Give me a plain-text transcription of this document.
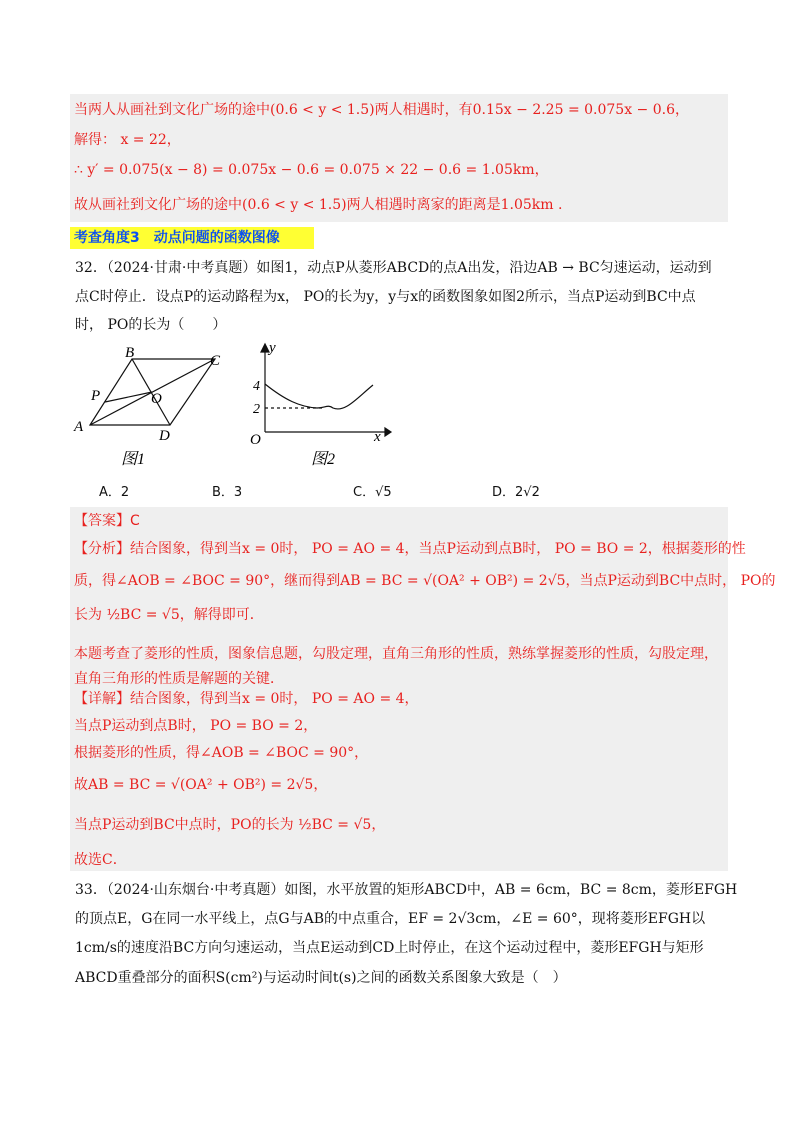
当两人从画社到文化广场的途中(0.6 < y < 1.5)两人相遇时，有0.15x − 2.25 = 0.075x − 0.6，
解得： x = 22，
∴ y′ = 0.075(x − 8) = 0.075x − 0.6 = 0.075 × 22 − 0.6 = 1.05km，
故从画社到文化广场的途中(0.6 < y < 1.5)两人相遇时离家的距离是1.05km .
考查角度3　动点问题的函数图像
32．（2024·甘肃·中考真题）如图1，动点P从菱形ABCD的点A出发，沿边AB → BC匀速运动，运动到
点C时停止．设点P的运动路程为x， PO的长为y，y与x的函数图象如图2所示，当点P运动到BC中点
时， PO的长为（　　）
A
B	C
D
P	O
图1
y
x
O
4
2
图2
A．2	B．3	C．√5	D．2√2
【答案】C
【分析】结合图象，得到当x = 0时， PO = AO = 4，当点P运动到点B时， PO = BO = 2，根据菱形的性
质，得∠AOB = ∠BOC = 90°，继而得到AB = BC = √(OA² + OB²) = 2√5，当点P运动到BC中点时， PO的
长为 ½BC = √5，解得即可．
本题考查了菱形的性质，图象信息题，勾股定理，直角三角形的性质，熟练掌握菱形的性质，勾股定理，
直角三角形的性质是解题的关键．
【详解】结合图象，得到当x = 0时， PO = AO = 4，
当点P运动到点B时， PO = BO = 2，
根据菱形的性质，得∠AOB = ∠BOC = 90°，
故AB = BC = √(OA² + OB²) = 2√5，
当点P运动到BC中点时，PO的长为 ½BC = √5，
故选C．
33．（2024·山东烟台·中考真题）如图，水平放置的矩形ABCD中，AB = 6cm，BC = 8cm，菱形EFGH
的顶点E，G在同一水平线上，点G与AB的中点重合，EF = 2√3cm，∠E = 60°，现将菱形EFGH以
1cm/s的速度沿BC方向匀速运动，当点E运动到CD上时停止，在这个运动过程中，菱形EFGH与矩形
ABCD重叠部分的面积S(cm²)与运动时间t(s)之间的函数关系图象大致是（　）
